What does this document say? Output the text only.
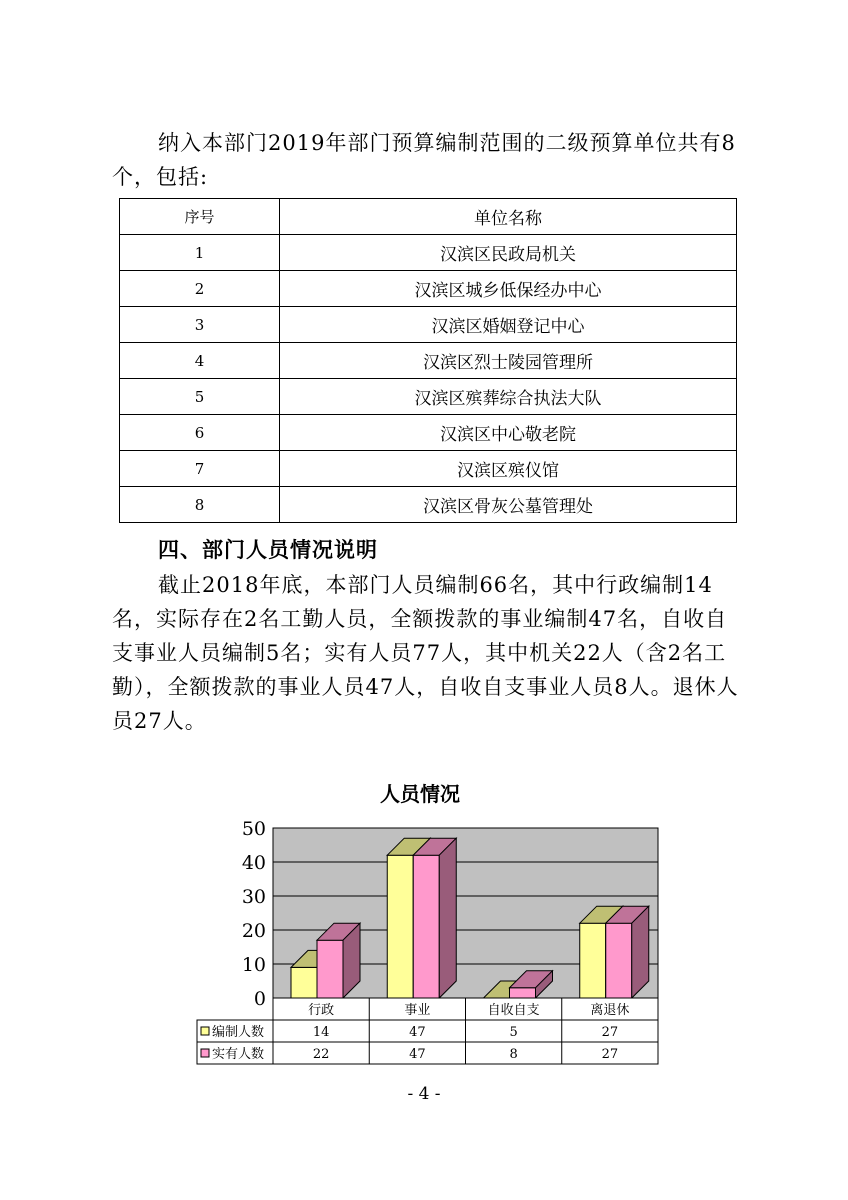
纳入本部门2019年部门预算编制范围的二级预算单位共有8个，包括:

序号	单位名称
1	汉滨区民政局机关
2	汉滨区城乡低保经办中心
3	汉滨区婚姻登记中心
4	汉滨区烈士陵园管理所
5	汉滨区殡葬综合执法大队
6	汉滨区中心敬老院
7	汉滨区殡仪馆
8	汉滨区骨灰公墓管理处
四、部门人员情况说明

截止2018年底，本部门人员编制66名，其中行政编制14名，实际存在2名工勤人员，全额拨款的事业编制47名，自收自支事业人员编制5名；实有人员77人，其中机关22人（含2名工勤），全额拨款的事业人员47人，自收自支事业人员8人。退休人员27人。

人员情况
0
10
20
30
40
50
行政	事业	自收自支	离退休
编制人数	14	47	5	27
实有人数	22	47	8	27
- 4 -
